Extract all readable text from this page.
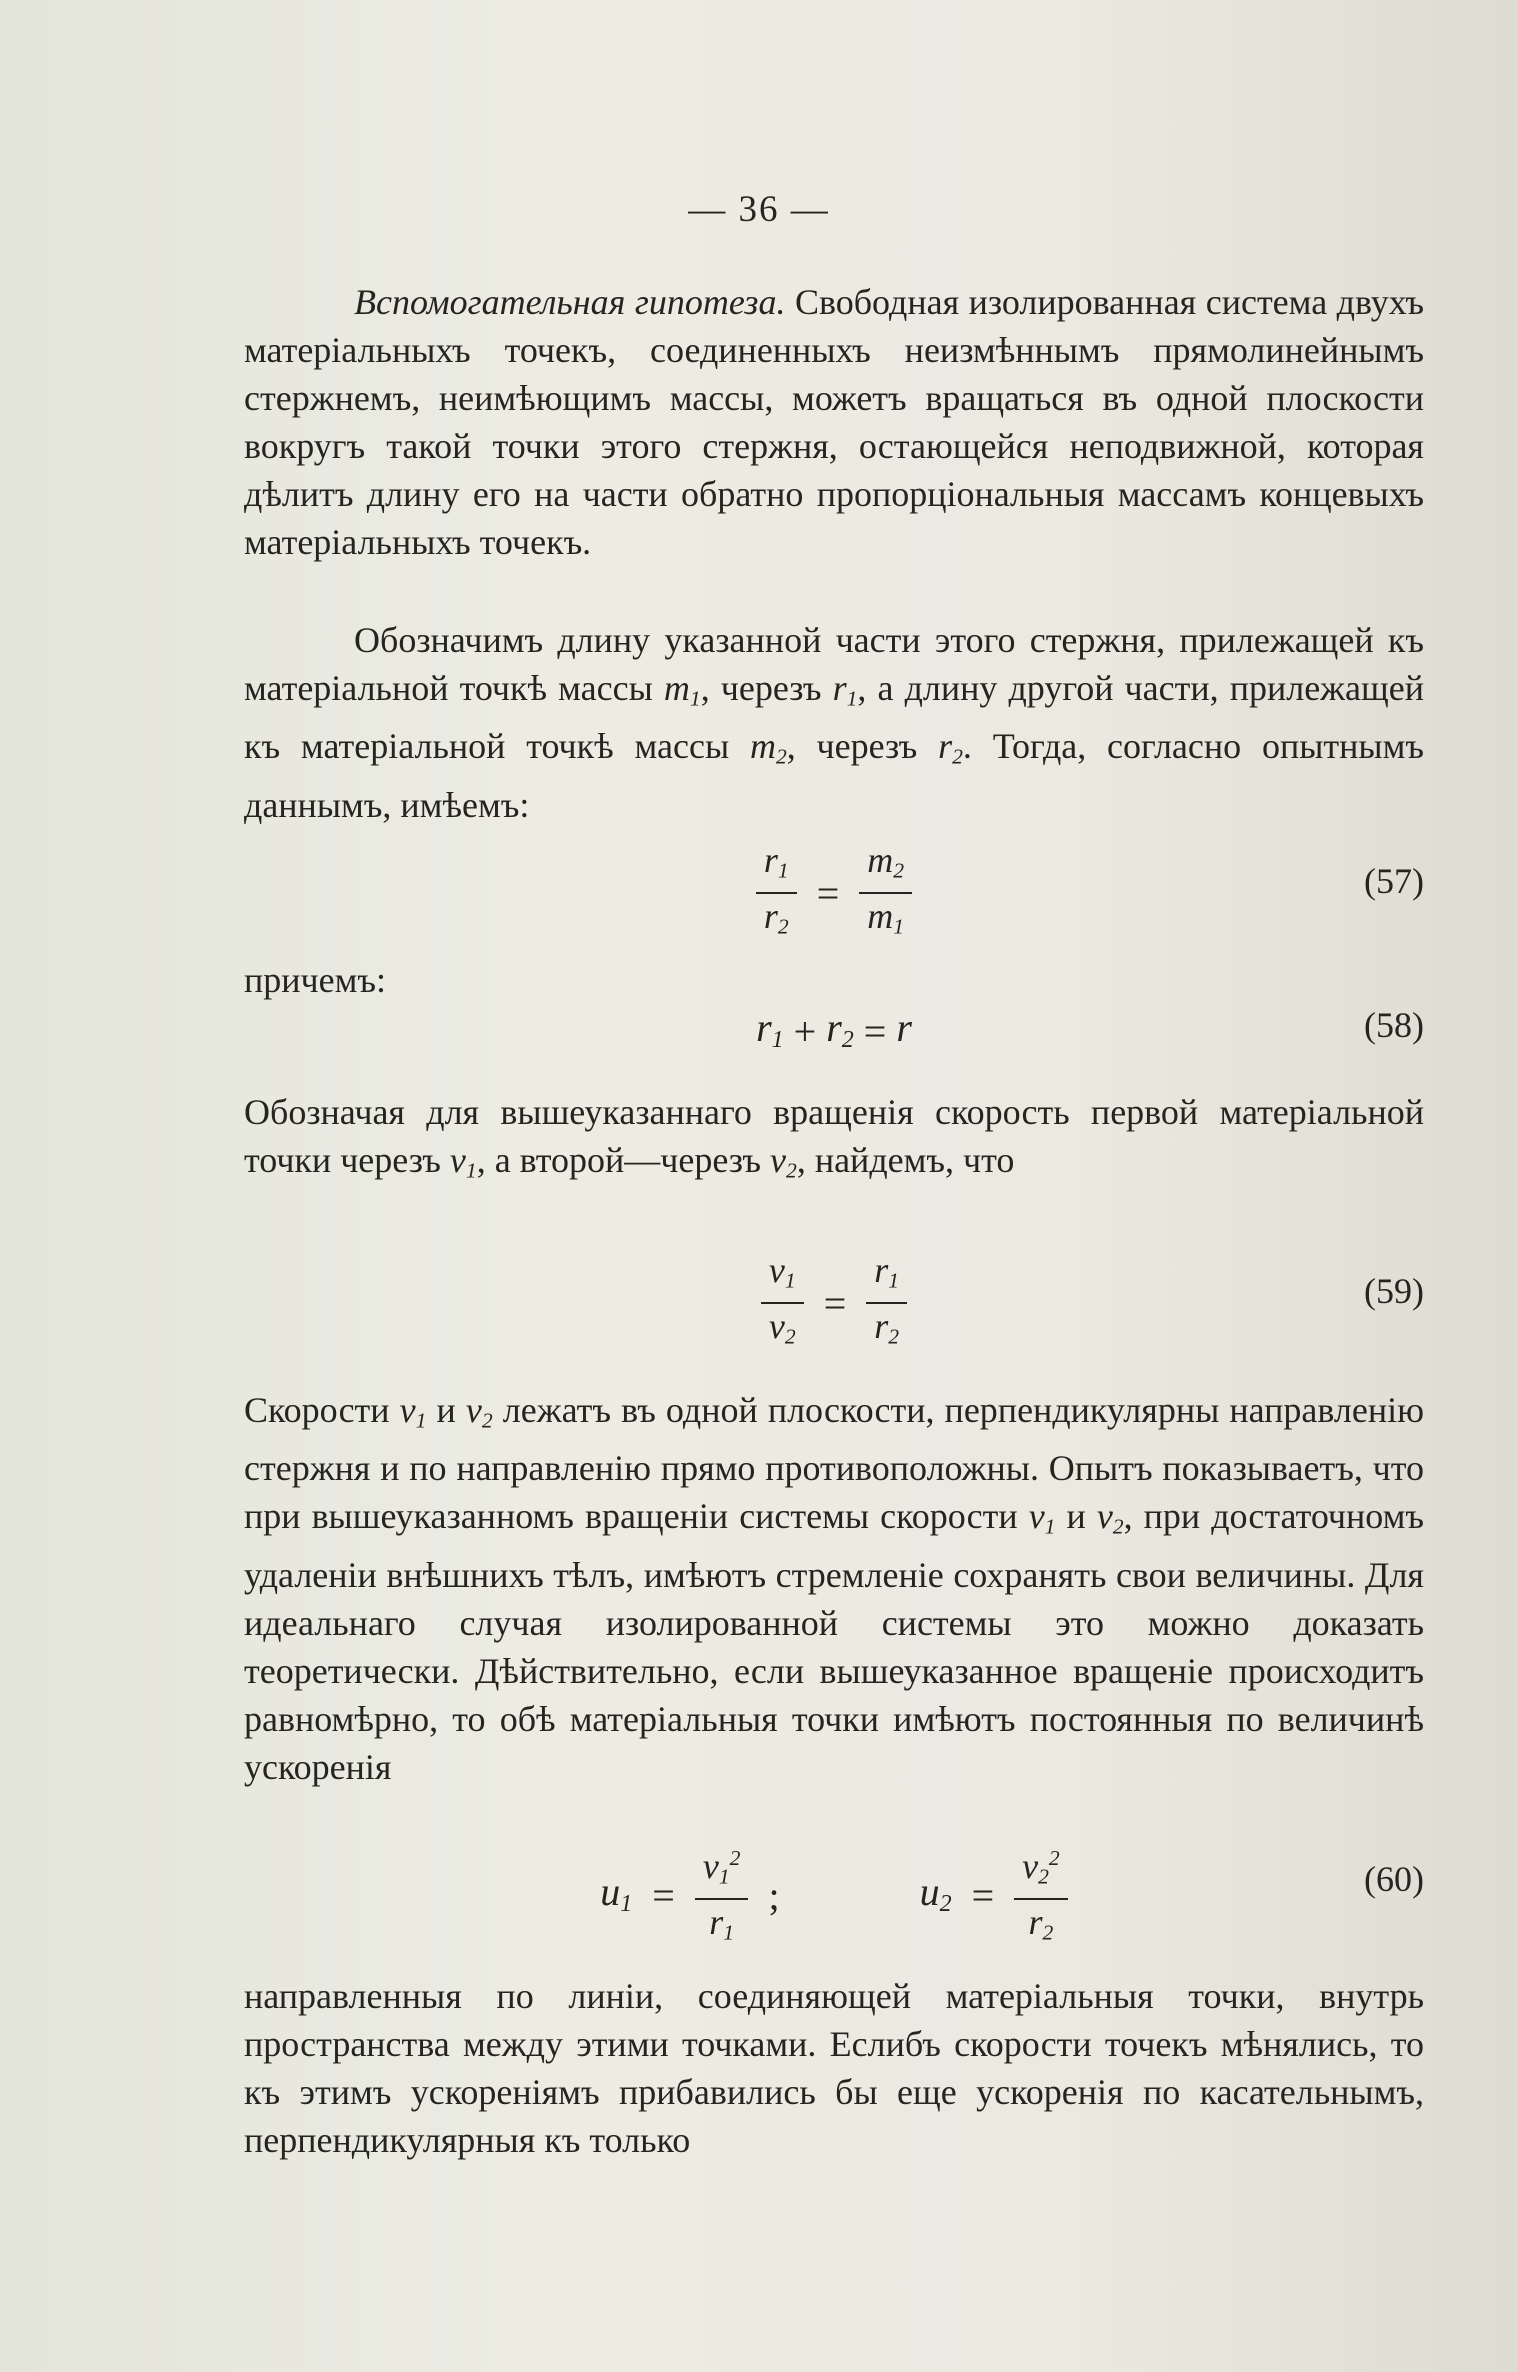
— 36 —

Вспомогательная гипотеза. Свободная изолированная система двухъ матеріальныхъ точекъ, соединенныхъ неизмѣннымъ прямолинейнымъ стержнемъ, неимѣющимъ массы, можетъ вращаться въ одной плоскости вокругъ такой точки этого стержня, остающейся неподвижной, которая дѣлитъ длину его на части обратно пропорціональныя массамъ концевыхъ матеріальныхъ точекъ.

Обозначимъ длину указанной части этого стержня, прилежащей къ матеріальной точкѣ массы $m_1$, черезъ $r_1$, а длину другой части, прилежащей къ матеріальной точкѣ массы $m_2$, черезъ $r_2$. Тогда, согласно опытнымъ даннымъ, имѣемъ:

$\frac{r_1}{r_2} = \frac{m_2}{m_1}$	(57)

причемъ:

$r_1 + r_2 = r$	(58)

Обозначая для вышеуказаннаго вращенія скорость первой матеріальной точки черезъ $v_1$, а второй—черезъ $v_2$, найдемъ, что

$\frac{v_1}{v_2} = \frac{r_1}{r_2}$	(59)

Скорости $v_1$ и $v_2$ лежатъ въ одной плоскости, перпендикулярны направленію стержня и по направленію прямо противоположны. Опытъ показываетъ, что при вышеуказанномъ вращеніи системы скорости $v_1$ и $v_2$, при достаточномъ удаленіи внѣшнихъ тѣлъ, имѣютъ стремленіе сохранять свои величины. Для идеальнаго случая изолированной системы это можно доказать теоретически. Дѣйствительно, если вышеуказанное вращеніе происходитъ равномѣрно, то обѣ матеріальныя точки имѣютъ постоянныя по величинѣ ускоренія

$u_1 = \frac{v_1^2}{r_1}$ ;	$u_2 = \frac{v_2^2}{r_2}$	(60)

направленныя по линіи, соединяющей матеріальныя точки, внутрь пространства между этими точками. Еслибъ скорости точекъ мѣнялись, то къ этимъ ускореніямъ прибавились бы еще ускоренія по касательнымъ, перпендикулярныя къ только
